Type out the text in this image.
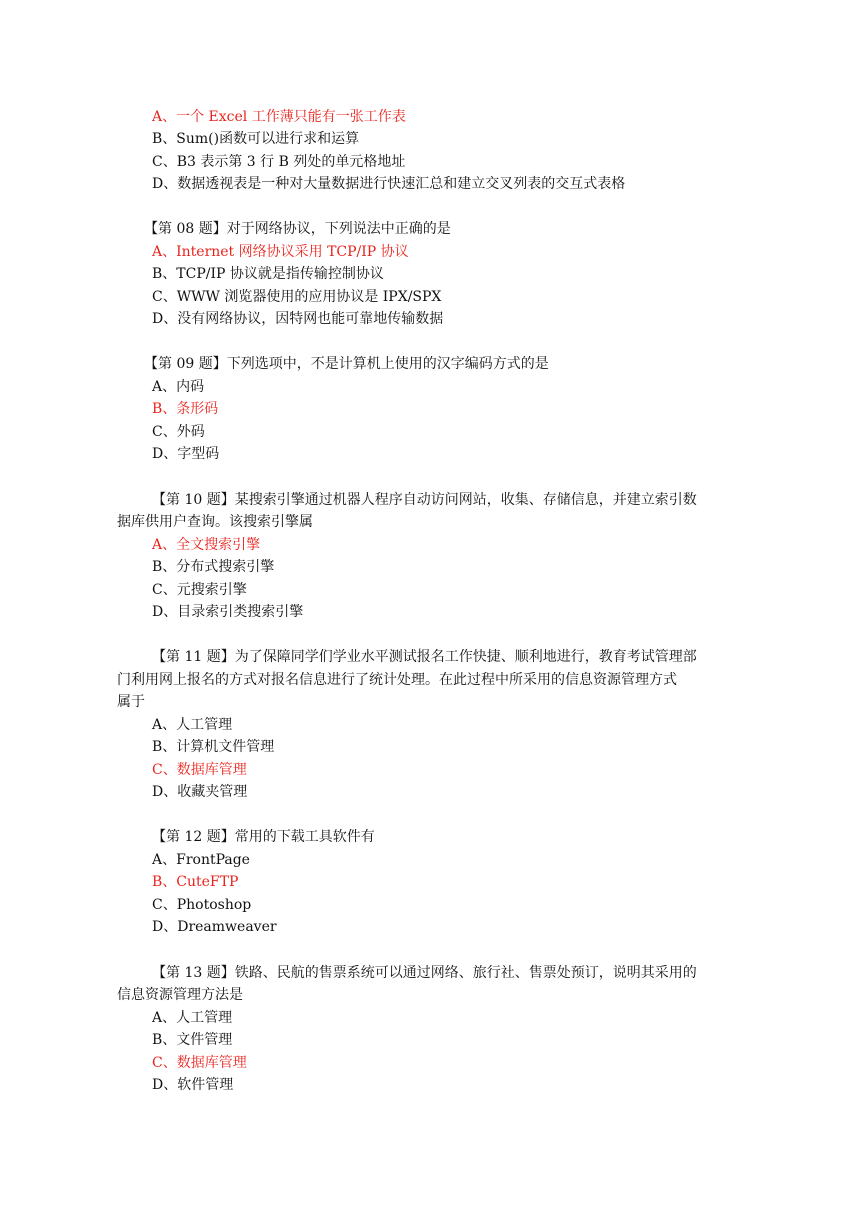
A、一个 Excel 工作薄只能有一张工作表
B、Sum()函数可以进行求和运算
C、B3 表示第 3 行 B 列处的单元格地址
D、数据透视表是一种对大量数据进行快速汇总和建立交叉列表的交互式表格
【第 08 题】对于网络协议，下列说法中正确的是
A、Internet 网络协议采用 TCP/IP 协议
B、TCP/IP 协议就是指传输控制协议
C、WWW 浏览器使用的应用协议是 IPX/SPX
D、没有网络协议，因特网也能可靠地传输数据
【第 09 题】下列选项中，不是计算机上使用的汉字编码方式的是
A、内码
B、条形码
C、外码
D、字型码
【第 10 题】某搜索引擎通过机器人程序自动访问网站，收集、存储信息，并建立索引数
据库供用户查询。该搜索引擎属
A、全文搜索引擎
B、分布式搜索引擎
C、元搜索引擎
D、目录索引类搜索引擎
【第 11 题】为了保障同学们学业水平测试报名工作快捷、顺利地进行，教育考试管理部
门利用网上报名的方式对报名信息进行了统计处理。在此过程中所采用的信息资源管理方式
属于
A、人工管理
B、计算机文件管理
C、数据库管理
D、收藏夹管理
【第 12 题】常用的下载工具软件有
A、FrontPage
B、CuteFTP
C、Photoshop
D、Dreamweaver
【第 13 题】铁路、民航的售票系统可以通过网络、旅行社、售票处预订，说明其采用的
信息资源管理方法是
A、人工管理
B、文件管理
C、数据库管理
D、软件管理
